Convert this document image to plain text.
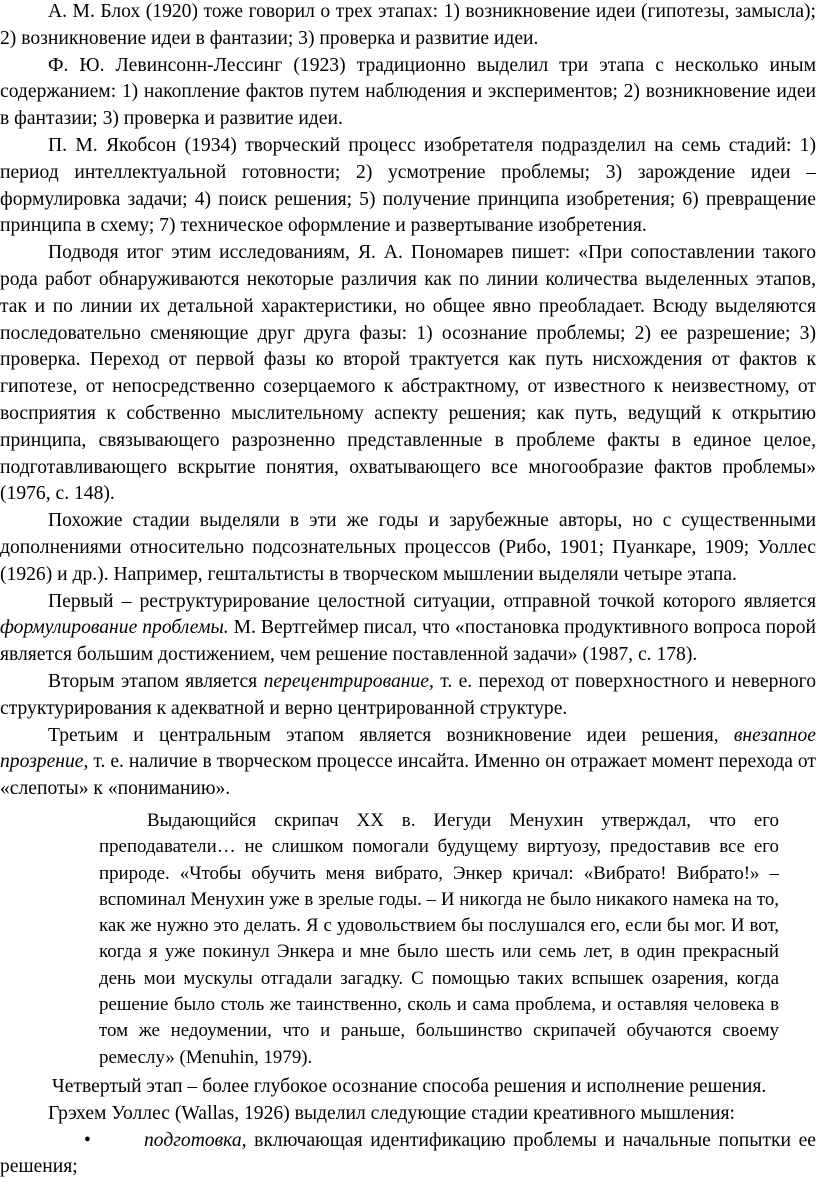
А. М. Блох (1920) тоже говорил о трех этапах: 1) возникновение идеи (гипотезы, замысла); 2) возникновение идеи в фантазии; 3) проверка и развитие идеи.

Ф. Ю. Левинсонн-Лессинг (1923) традиционно выделил три этапа с несколько иным содержанием: 1) накопление фактов путем наблюдения и экспериментов; 2) возникновение идеи в фантазии; 3) проверка и развитие идеи.

П. М. Якобсон (1934) творческий процесс изобретателя подразделил на семь стадий: 1) период интеллектуальной готовности; 2) усмотрение проблемы; 3) зарождение идеи – формулировка задачи; 4) поиск решения; 5) получение принципа изобретения; 6) превращение принципа в схему; 7) техническое оформление и развертывание изобретения.

Подводя итог этим исследованиям, Я. А. Пономарев пишет: «При сопоставлении такого рода работ обнаруживаются некоторые различия как по линии количества выделенных этапов, так и по линии их детальной характеристики, но общее явно преобладает. Всюду выделяются последовательно сменяющие друг друга фазы: 1) осознание проблемы; 2) ее разрешение; 3) проверка. Переход от первой фазы ко второй трактуется как путь нисхождения от фактов к гипотезе, от непосредственно созерцаемого к абстрактному, от известного к неизвестному, от восприятия к собственно мыслительному аспекту решения; как путь, ведущий к открытию принципа, связывающего разрозненно представленные в проблеме факты в единое целое, подготавливающего вскрытие понятия, охватывающего все многообразие фактов проблемы» (1976, с. 148).

Похожие стадии выделяли в эти же годы и зарубежные авторы, но с существенными дополнениями относительно подсознательных процессов (Рибо, 1901; Пуанкаре, 1909; Уоллес (1926) и др.). Например, гештальтисты в творческом мышлении выделяли четыре этапа.

Первый – реструктурирование целостной ситуации, отправной точкой которого является формулирование проблемы. М. Вертгеймер писал, что «постановка продуктивного вопроса порой является большим достижением, чем решение поставленной задачи» (1987, с. 178).

Вторым этапом является перецентрирование, т. е. переход от поверхностного и неверного структурирования к адекватной и верно центрированной структуре.

Третьим и центральным этапом является возникновение идеи решения, внезапное прозрение, т. е. наличие в творческом процессе инсайта. Именно он отражает момент перехода от «слепоты» к «пониманию».

Выдающийся скрипач XX в. Иегуди Менухин утверждал, что его преподаватели… не слишком помогали будущему виртуозу, предоставив все его природе. «Чтобы обучить меня вибрато, Энкер кричал: «Вибрато! Вибрато!» – вспоминал Менухин уже в зрелые годы. – И никогда не было никакого намека на то, как же нужно это делать. Я с удовольствием бы послушался его, если бы мог. И вот, когда я уже покинул Энкера и мне было шесть или семь лет, в один прекрасный день мои мускулы отгадали загадку. С помощью таких вспышек озарения, когда решение было столь же таинственно, сколь и сама проблема, и оставляя человека в том же недоумении, что и раньше, большинство скрипачей обучаются своему ремеслу» (Menuhin, 1979).

Четвертый этап – более глубокое осознание способа решения и исполнение решения.

Грэхем Уоллес (Wallas, 1926) выделил следующие стадии креативного мышления:

•	подготовка, включающая идентификацию проблемы и начальные попытки ее решения;
